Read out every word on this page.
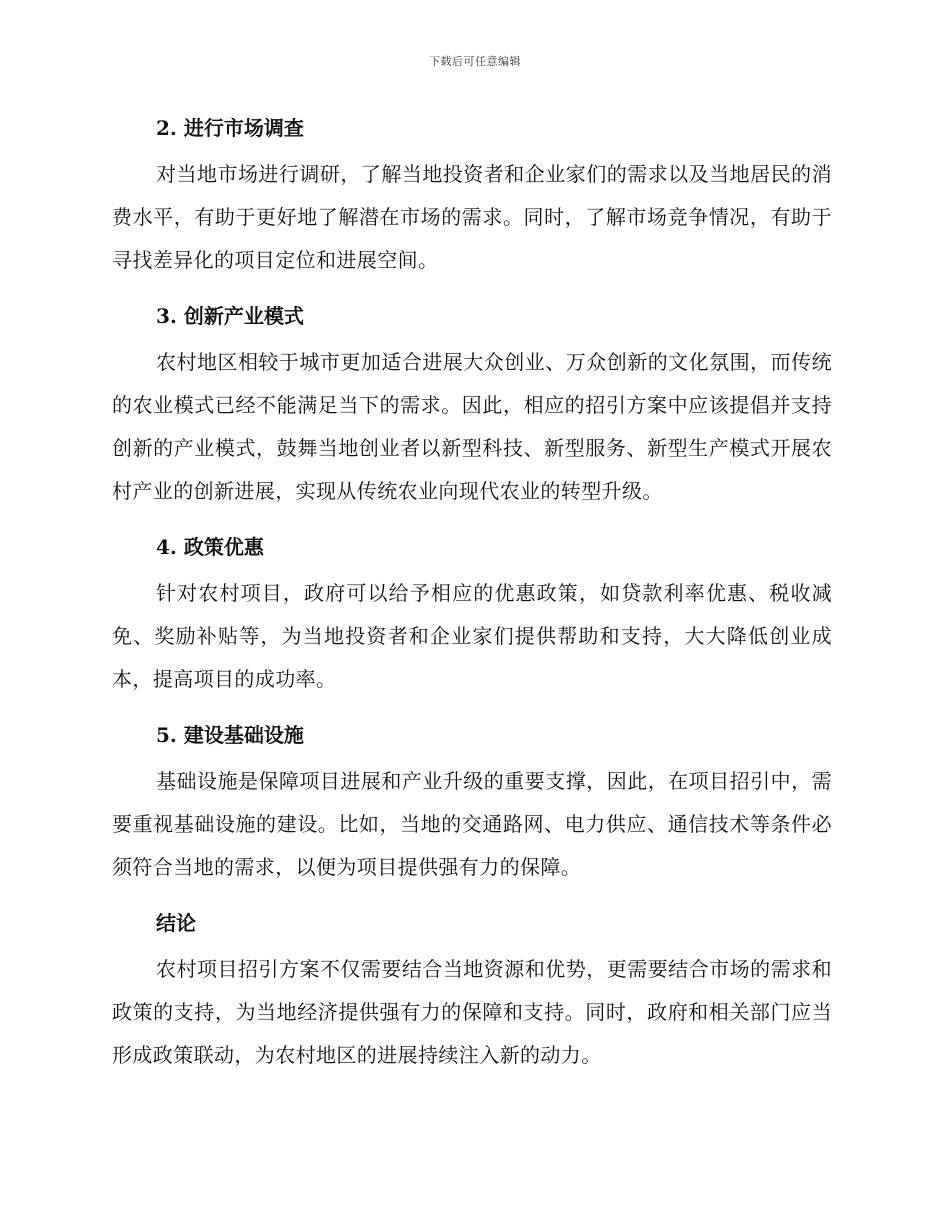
下载后可任意编辑
2. 进行市场调查

对当地市场进行调研，了解当地投资者和企业家们的需求以及当地居民的消费水平，有助于更好地了解潜在市场的需求。同时，了解市场竞争情况，有助于寻找差异化的项目定位和进展空间。

3. 创新产业模式

农村地区相较于城市更加适合进展大众创业、万众创新的文化氛围，而传统的农业模式已经不能满足当下的需求。因此，相应的招引方案中应该提倡并支持创新的产业模式，鼓舞当地创业者以新型科技、新型服务、新型生产模式开展农村产业的创新进展，实现从传统农业向现代农业的转型升级。

4. 政策优惠

针对农村项目，政府可以给予相应的优惠政策，如贷款利率优惠、税收减免、奖励补贴等，为当地投资者和企业家们提供帮助和支持，大大降低创业成本，提高项目的成功率。

5. 建设基础设施

基础设施是保障项目进展和产业升级的重要支撑，因此，在项目招引中，需要重视基础设施的建设。比如，当地的交通路网、电力供应、通信技术等条件必须符合当地的需求，以便为项目提供强有力的保障。

结论

农村项目招引方案不仅需要结合当地资源和优势，更需要结合市场的需求和政策的支持，为当地经济提供强有力的保障和支持。同时，政府和相关部门应当形成政策联动，为农村地区的进展持续注入新的动力。
